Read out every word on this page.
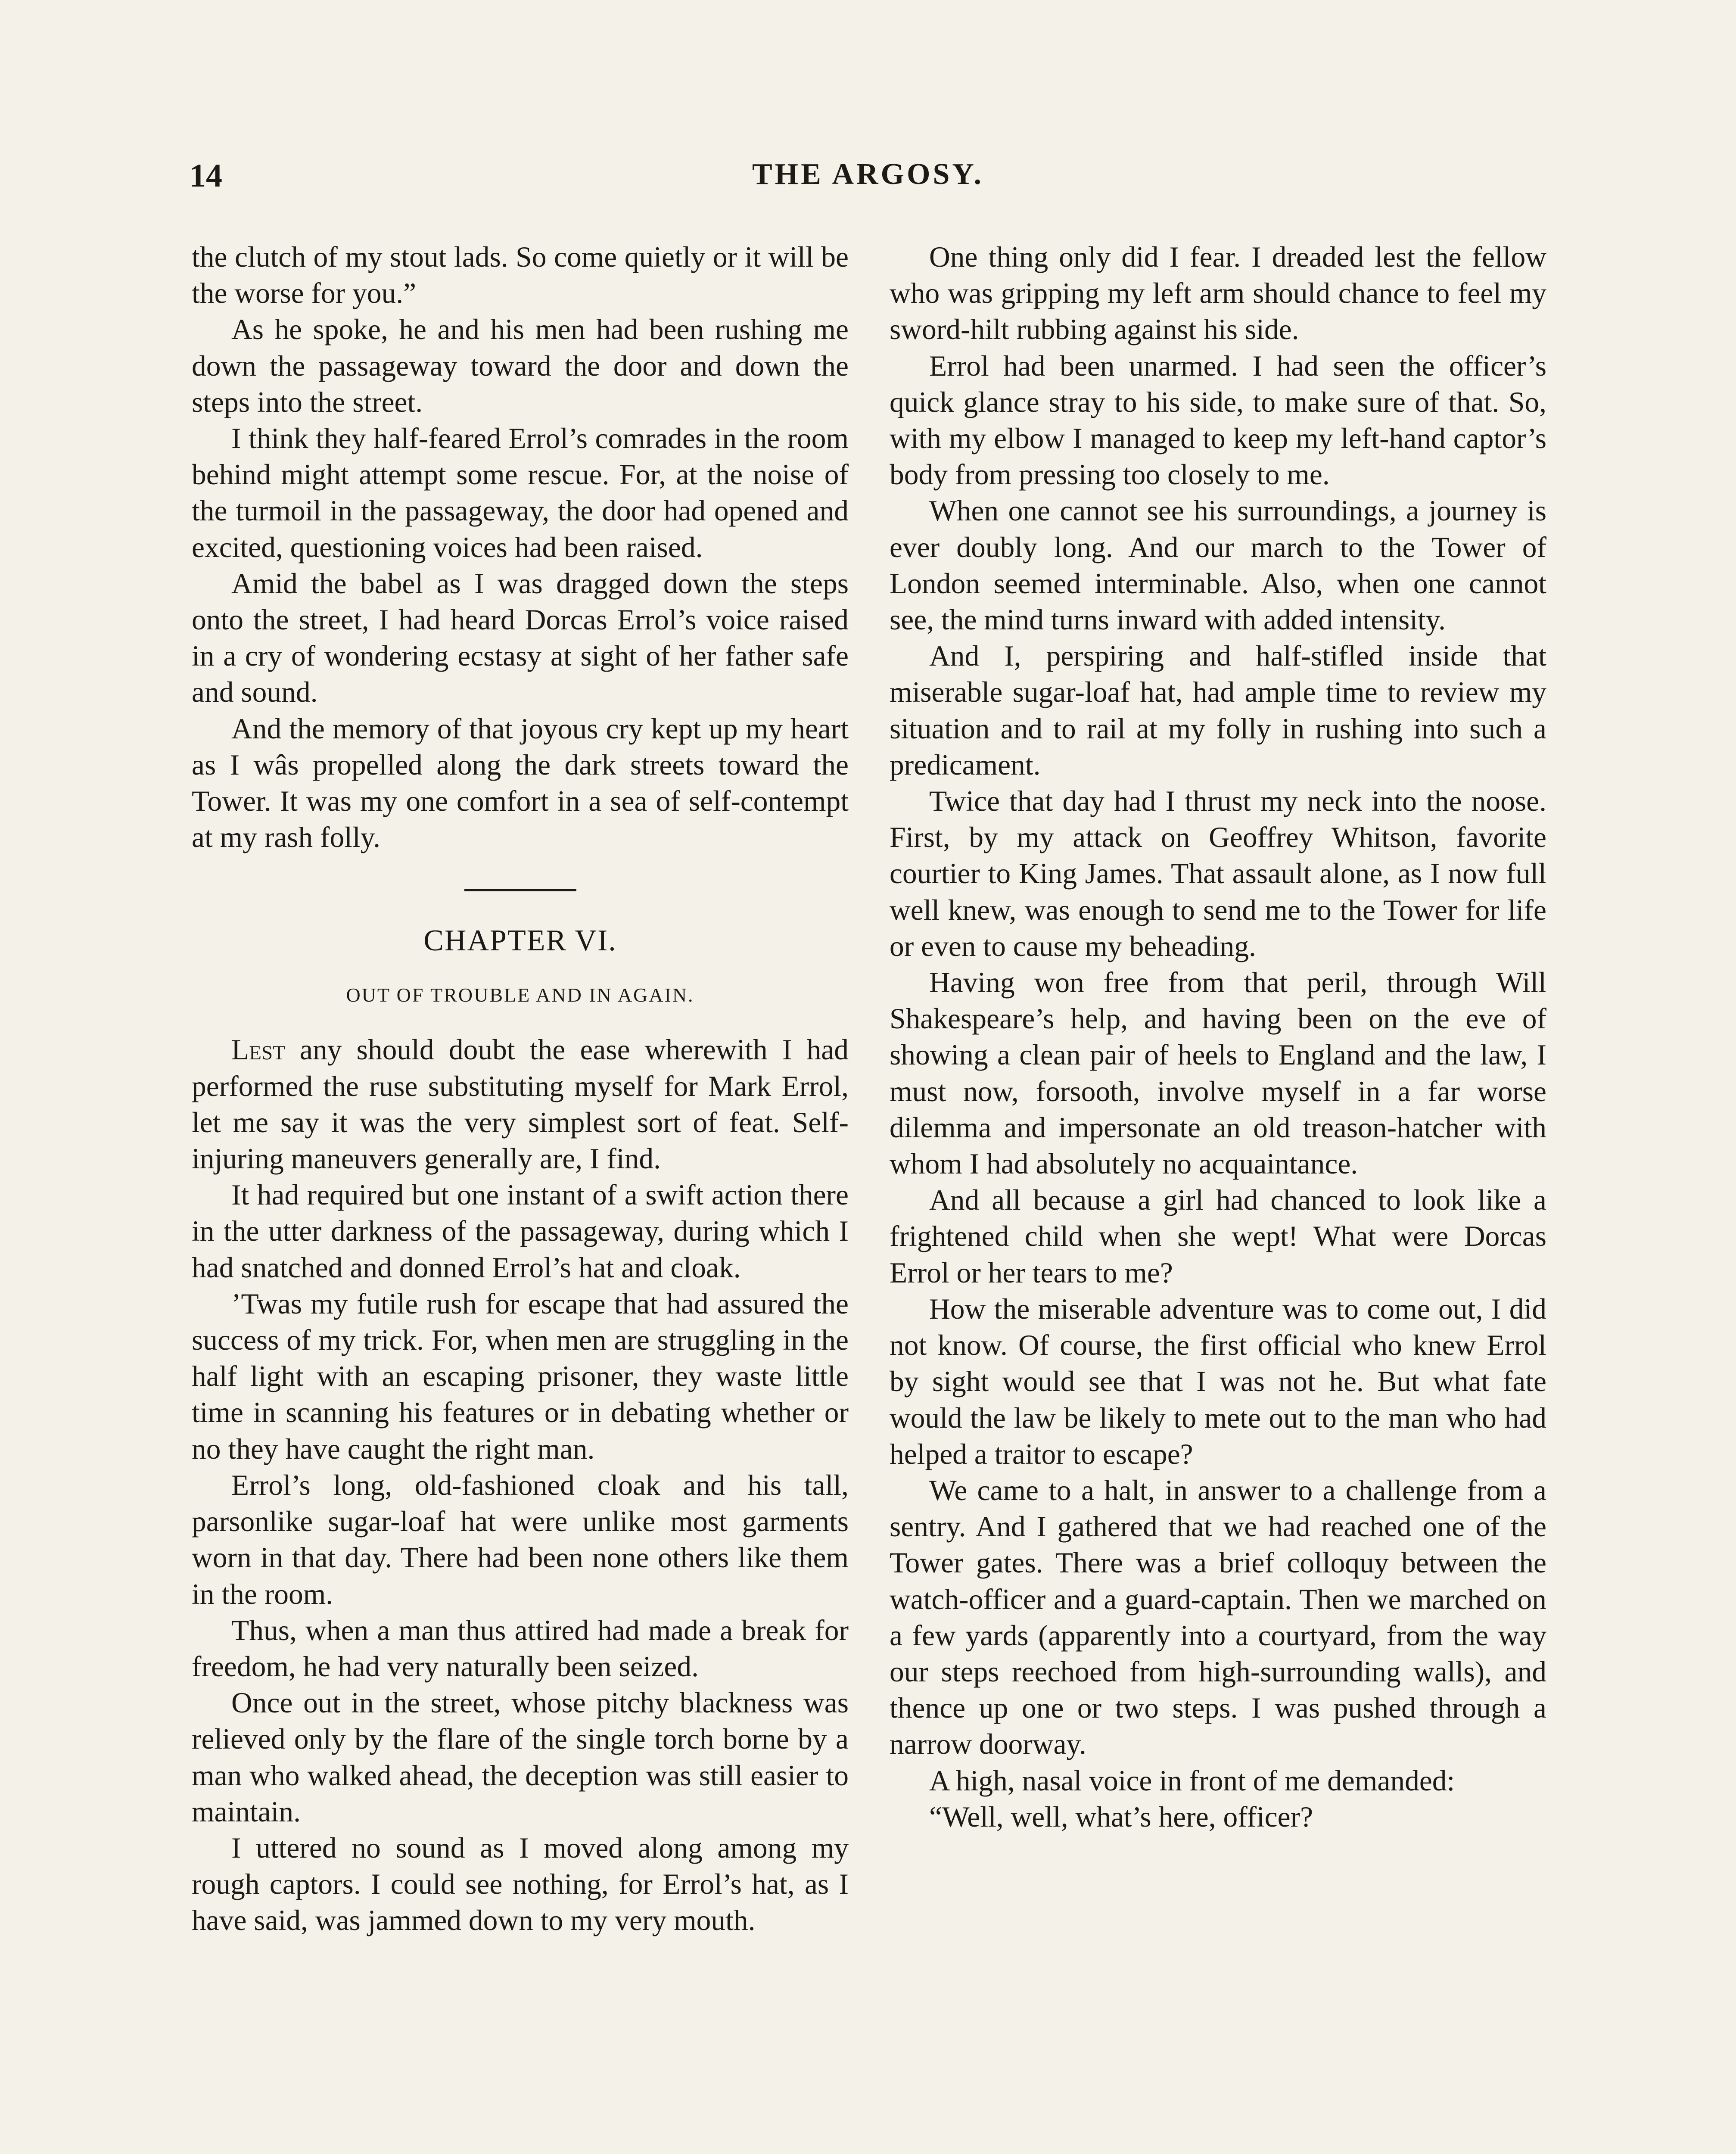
14	THE ARGOSY.

the clutch of my stout lads. So come quietly or it will be the worse for you.”

As he spoke, he and his men had been rushing me down the passageway toward the door and down the steps into the street.

I think they half-feared Errol’s comrades in the room behind might attempt some rescue. For, at the noise of the turmoil in the passageway, the door had opened and excited, questioning voices had been raised.

Amid the babel as I was dragged down the steps onto the street, I had heard Dorcas Errol’s voice raised in a cry of wondering ecstasy at sight of her father safe and sound.

And the memory of that joyous cry kept up my heart as I wâs propelled along the dark streets toward the Tower. It was my one comfort in a sea of self-contempt at my rash folly.

CHAPTER VI.
OUT OF TROUBLE AND IN AGAIN.

Lest any should doubt the ease wherewith I had performed the ruse substituting myself for Mark Errol, let me say it was the very simplest sort of feat. Self-injuring maneuvers generally are, I find.

It had required but one instant of a swift action there in the utter darkness of the passageway, during which I had snatched and donned Errol’s hat and cloak.

’Twas my futile rush for escape that had assured the success of my trick. For, when men are struggling in the half light with an escaping prisoner, they waste little time in scanning his features or in debating whether or no they have caught the right man.

Errol’s long, old-fashioned cloak and his tall, parsonlike sugar-loaf hat were unlike most garments worn in that day. There had been none others like them in the room.

Thus, when a man thus attired had made a break for freedom, he had very naturally been seized.

Once out in the street, whose pitchy blackness was relieved only by the flare of the single torch borne by a man who walked ahead, the deception was still easier to maintain.

I uttered no sound as I moved along among my rough captors. I could see nothing, for Errol’s hat, as I have said, was jammed down to my very mouth.

One thing only did I fear. I dreaded lest the fellow who was gripping my left arm should chance to feel my sword-hilt rubbing against his side.

Errol had been unarmed. I had seen the officer’s quick glance stray to his side, to make sure of that. So, with my elbow I managed to keep my left-hand captor’s body from pressing too closely to me.

When one cannot see his surroundings, a journey is ever doubly long. And our march to the Tower of London seemed interminable. Also, when one cannot see, the mind turns inward with added intensity.

And I, perspiring and half-stifled inside that miserable sugar-loaf hat, had ample time to review my situation and to rail at my folly in rushing into such a predicament.

Twice that day had I thrust my neck into the noose. First, by my attack on Geoffrey Whitson, favorite courtier to King James. That assault alone, as I now full well knew, was enough to send me to the Tower for life or even to cause my beheading.

Having won free from that peril, through Will Shakespeare’s help, and having been on the eve of showing a clean pair of heels to England and the law, I must now, forsooth, involve myself in a far worse dilemma and impersonate an old treason-hatcher with whom I had absolutely no acquaintance.

And all because a girl had chanced to look like a frightened child when she wept! What were Dorcas Errol or her tears to me?

How the miserable adventure was to come out, I did not know. Of course, the first official who knew Errol by sight would see that I was not he. But what fate would the law be likely to mete out to the man who had helped a traitor to escape?

We came to a halt, in answer to a challenge from a sentry. And I gathered that we had reached one of the Tower gates. There was a brief colloquy between the watch-officer and a guard-captain. Then we marched on a few yards (apparently into a courtyard, from the way our steps reechoed from high-surrounding walls), and thence up one or two steps. I was pushed through a narrow doorway.

A high, nasal voice in front of me demanded:

“Well, well, what’s here, officer?
